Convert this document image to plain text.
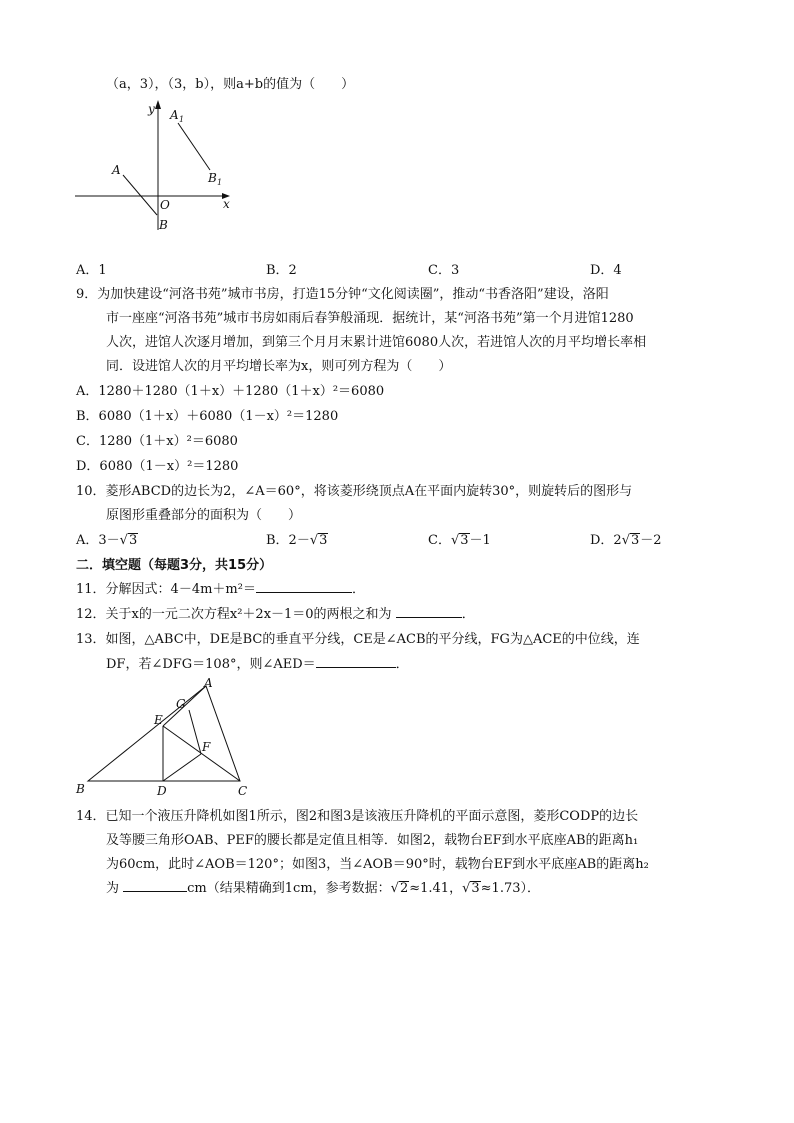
（a，3），（3，b），则a+b的值为（　　）
y A 1
B 1
A
O	x
B
A．1	B．2	C．3	D．4
9．为加快建设“河洛书苑”城市书房，打造15分钟“文化阅读圈”，推动“书香洛阳”建设，洛阳
市一座座“河洛书苑”城市书房如雨后春笋般涌现．据统计，某“河洛书苑”第一个月进馆1280
人次，进馆人次逐月增加，到第三个月月末累计进馆6080人次，若进馆人次的月平均增长率相
同．设进馆人次的月平均增长率为x，则可列方程为（　　）
A．1280＋1280（1＋x）＋1280（1＋x）²＝6080
B．6080（1＋x）＋6080（1－x）²＝1280
C．1280（1＋x）²＝6080
D．6080（1－x）²＝1280
10．菱形ABCD的边长为2，∠A＝60°，将该菱形绕顶点A在平面内旋转30°，则旋转后的图形与
原图形重叠部分的面积为（　　）
A．3－√3	B．2－√3	C．√3－1	D．2√3－2
二．填空题（每题3分，共15分）
11．分解因式：4－4m＋m²＝	．
12．关于x的一元二次方程x²＋2x－1＝0的两根之和为	．
13．如图，△ABC中，DE是BC的垂直平分线，CE是∠ACB的平分线，FG为△ACE的中位线，连
DF，若∠DFG＝108°，则∠AED＝	．
A
G
E
F
B	D	C
14．已知一个液压升降机如图1所示，图2和图3是该液压升降机的平面示意图，菱形CODP的边长
及等腰三角形OAB、PEF的腰长都是定值且相等．如图2，载物台EF到水平底座AB的距离h₁
为60cm，此时∠AOB＝120°；如图3，当∠AOB＝90°时，载物台EF到水平底座AB的距离h₂
为	cm（结果精确到1cm，参考数据：√2≈1.41，√3≈1.73）．
